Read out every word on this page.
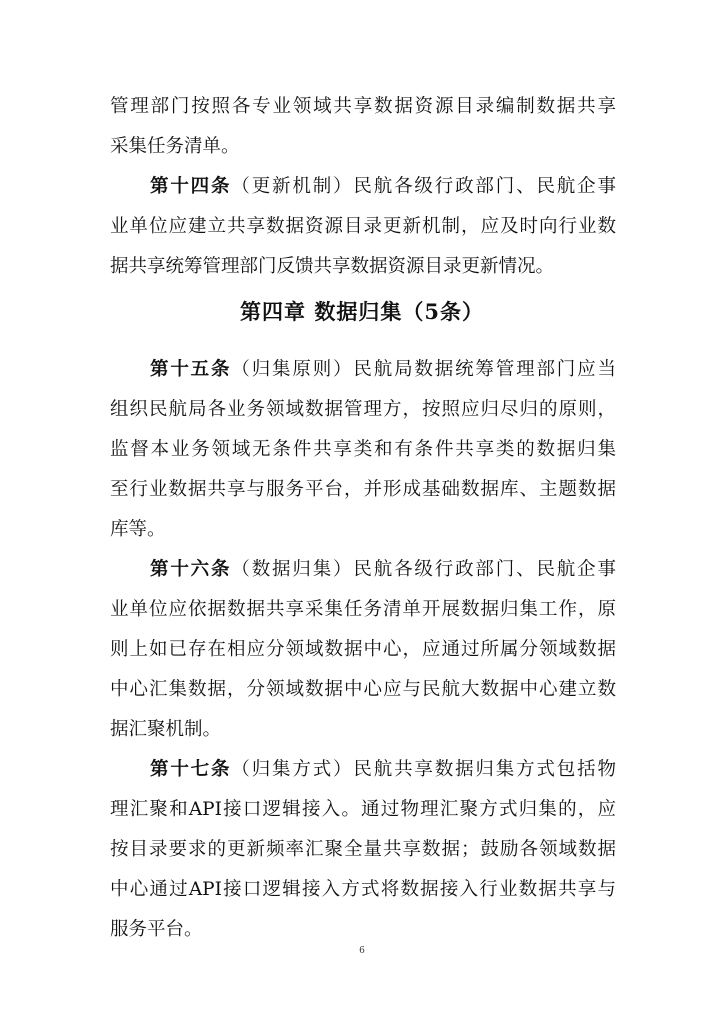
管理部门按照各专业领域共享数据资源目录编制数据共享
采集任务清单。
第十四条（更新机制）民航各级行政部门、民航企事
业单位应建立共享数据资源目录更新机制，应及时向行业数
据共享统筹管理部门反馈共享数据资源目录更新情况。
第四章 数据归集（5条）
第十五条（归集原则）民航局数据统筹管理部门应当
组织民航局各业务领域数据管理方，按照应归尽归的原则，
监督本业务领域无条件共享类和有条件共享类的数据归集
至行业数据共享与服务平台，并形成基础数据库、主题数据
库等。
第十六条（数据归集）民航各级行政部门、民航企事
业单位应依据数据共享采集任务清单开展数据归集工作，原
则上如已存在相应分领域数据中心，应通过所属分领域数据
中心汇集数据，分领域数据中心应与民航大数据中心建立数
据汇聚机制。
第十七条（归集方式）民航共享数据归集方式包括物
理汇聚和API接口逻辑接入。通过物理汇聚方式归集的，应
按目录要求的更新频率汇聚全量共享数据；鼓励各领域数据
中心通过API接口逻辑接入方式将数据接入行业数据共享与
服务平台。
6
